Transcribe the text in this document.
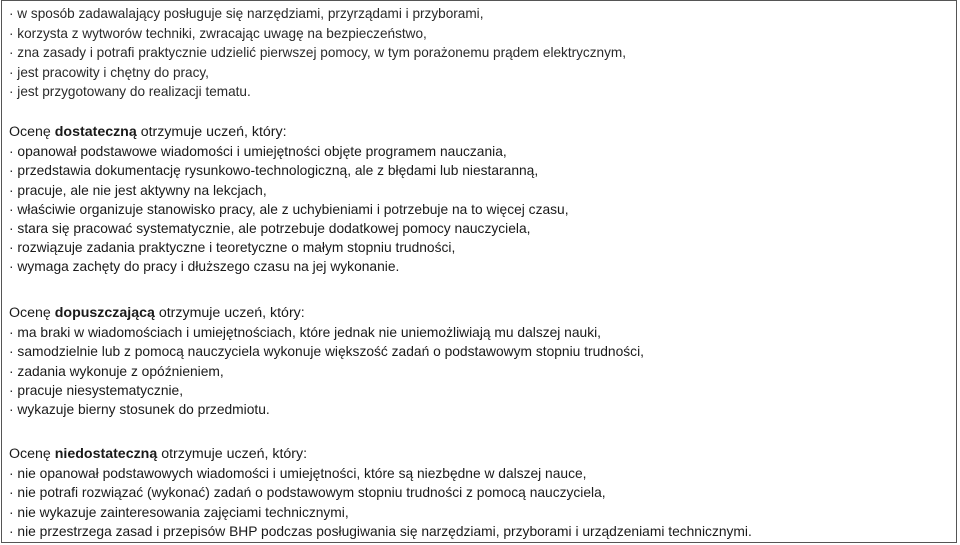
· w sposób zadawalający posługuje się narzędziami, przyrządami i przyborami,
· korzysta z wytworów techniki, zwracając uwagę na bezpieczeństwo,
· zna zasady i potrafi praktycznie udzielić pierwszej pomocy, w tym porażonemu prądem elektrycznym,
· jest pracowity i chętny do pracy,
· jest przygotowany do realizacji tematu.
Ocenę dostateczną otrzymuje uczeń, który:
· opanował podstawowe wiadomości i umiejętności objęte programem nauczania,
· przedstawia dokumentację rysunkowo-technologiczną, ale z błędami lub niestaranną,
· pracuje, ale nie jest aktywny na lekcjach,
· właściwie organizuje stanowisko pracy, ale z uchybieniami i potrzebuje na to więcej czasu,
· stara się pracować systematycznie, ale potrzebuje dodatkowej pomocy nauczyciela,
· rozwiązuje zadania praktyczne i teoretyczne o małym stopniu trudności,
· wymaga zachęty do pracy i dłuższego czasu na jej wykonanie.
Ocenę dopuszczającą otrzymuje uczeń, który:
· ma braki w wiadomościach i umiejętnościach, które jednak nie uniemożliwiają mu dalszej nauki,
· samodzielnie lub z pomocą nauczyciela wykonuje większość zadań o podstawowym stopniu trudności,
· zadania wykonuje z opóźnieniem,
· pracuje niesystematycznie,
· wykazuje bierny stosunek do przedmiotu.
Ocenę niedostateczną otrzymuje uczeń, który:
· nie opanował podstawowych wiadomości i umiejętności, które są niezbędne w dalszej nauce,
· nie potrafi rozwiązać (wykonać) zadań o podstawowym stopniu trudności z pomocą nauczyciela,
· nie wykazuje zainteresowania zajęciami technicznymi,
· nie przestrzega zasad i przepisów BHP podczas posługiwania się narzędziami, przyborami i urządzeniami technicznymi.
